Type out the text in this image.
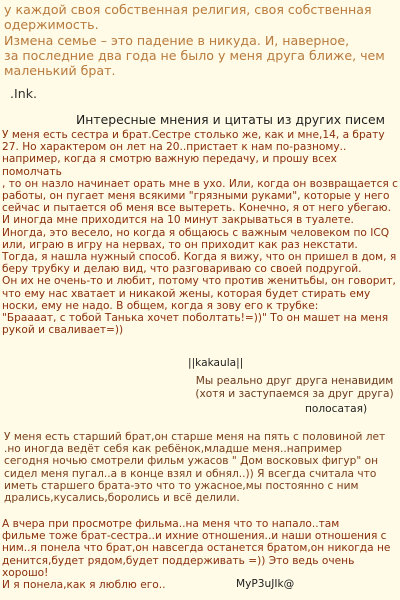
у каждой своя собственная религия, своя собственная
одержимость.
Измена семье – это падение в никуда. И, наверное,
за последние два года не было у меня друга ближе, чем
маленький брат.
.Ink.
Интересные мнения и цитаты из других писем
У меня есть сестра и брат.Сестре столько же, как и мне,14, а брату
27. Но характером он лет на 20..пристает к нам по-разному..
например, когда я смотрю важную передачу, и прошу всех помолчать
, то он назло начинает орать мне в ухо. Или, когда он возвращается с
работы, он пугает меня всякими "грязными руками", которые у него
сейчас и пытается об меня все вытереть. Конечно, я от него убегаю.
И иногда мне приходится на 10 минут закрываться в туалете.
Иногда, это весело, но когда я общаюсь с важным человеком по ICQ
или, играю в игру на нервах, то он приходит как раз некстати.
Тогда, я нашла нужный способ. Когда я вижу, что он пришел в дом, я
беру трубку и делаю вид, что разговариваю со своей подругой.
Он их не очень-то и любит, потому что против женитьбы, он говорит,
что ему нас хватает и никакой жены, которая будет стирать ему
носки, ему не надо. В общем, когда я зову его к трубке:
"Браааат, с тобой Танька хочет поболтать!=))" То он машет на меня
рукой и сваливает=))
||kakaula||
Мы реально друг друга ненавидим
(хотя и заступаемся за друг друга)
полосатая)
У меня есть старший брат,он старше меня на пять с половиной лет
.но иногда ведёт себя как ребёнок,младше меня..например
сегодня ночью смотрели фильм ужасов " Дом восковых фигур" он
сидел меня пугал..а в конце взял и обнял..)) Я всегда считала что
иметь старшего брата-это что то ужасное,мы постоянно с ним
дрались,кусались,боролись и всё делили.
А вчера при просмотре фильма..на меня что то напало..там
фильме тоже брат-сестра..и ихние отношения..и наши отношения с
ним..я понела что брат,он навсегда останется братом,он никогда не
денится,будет рядом,будет поддерживать =)) Это ведь очень хорошо!
И я понела,как я люблю его..	MyP3uJIk@
